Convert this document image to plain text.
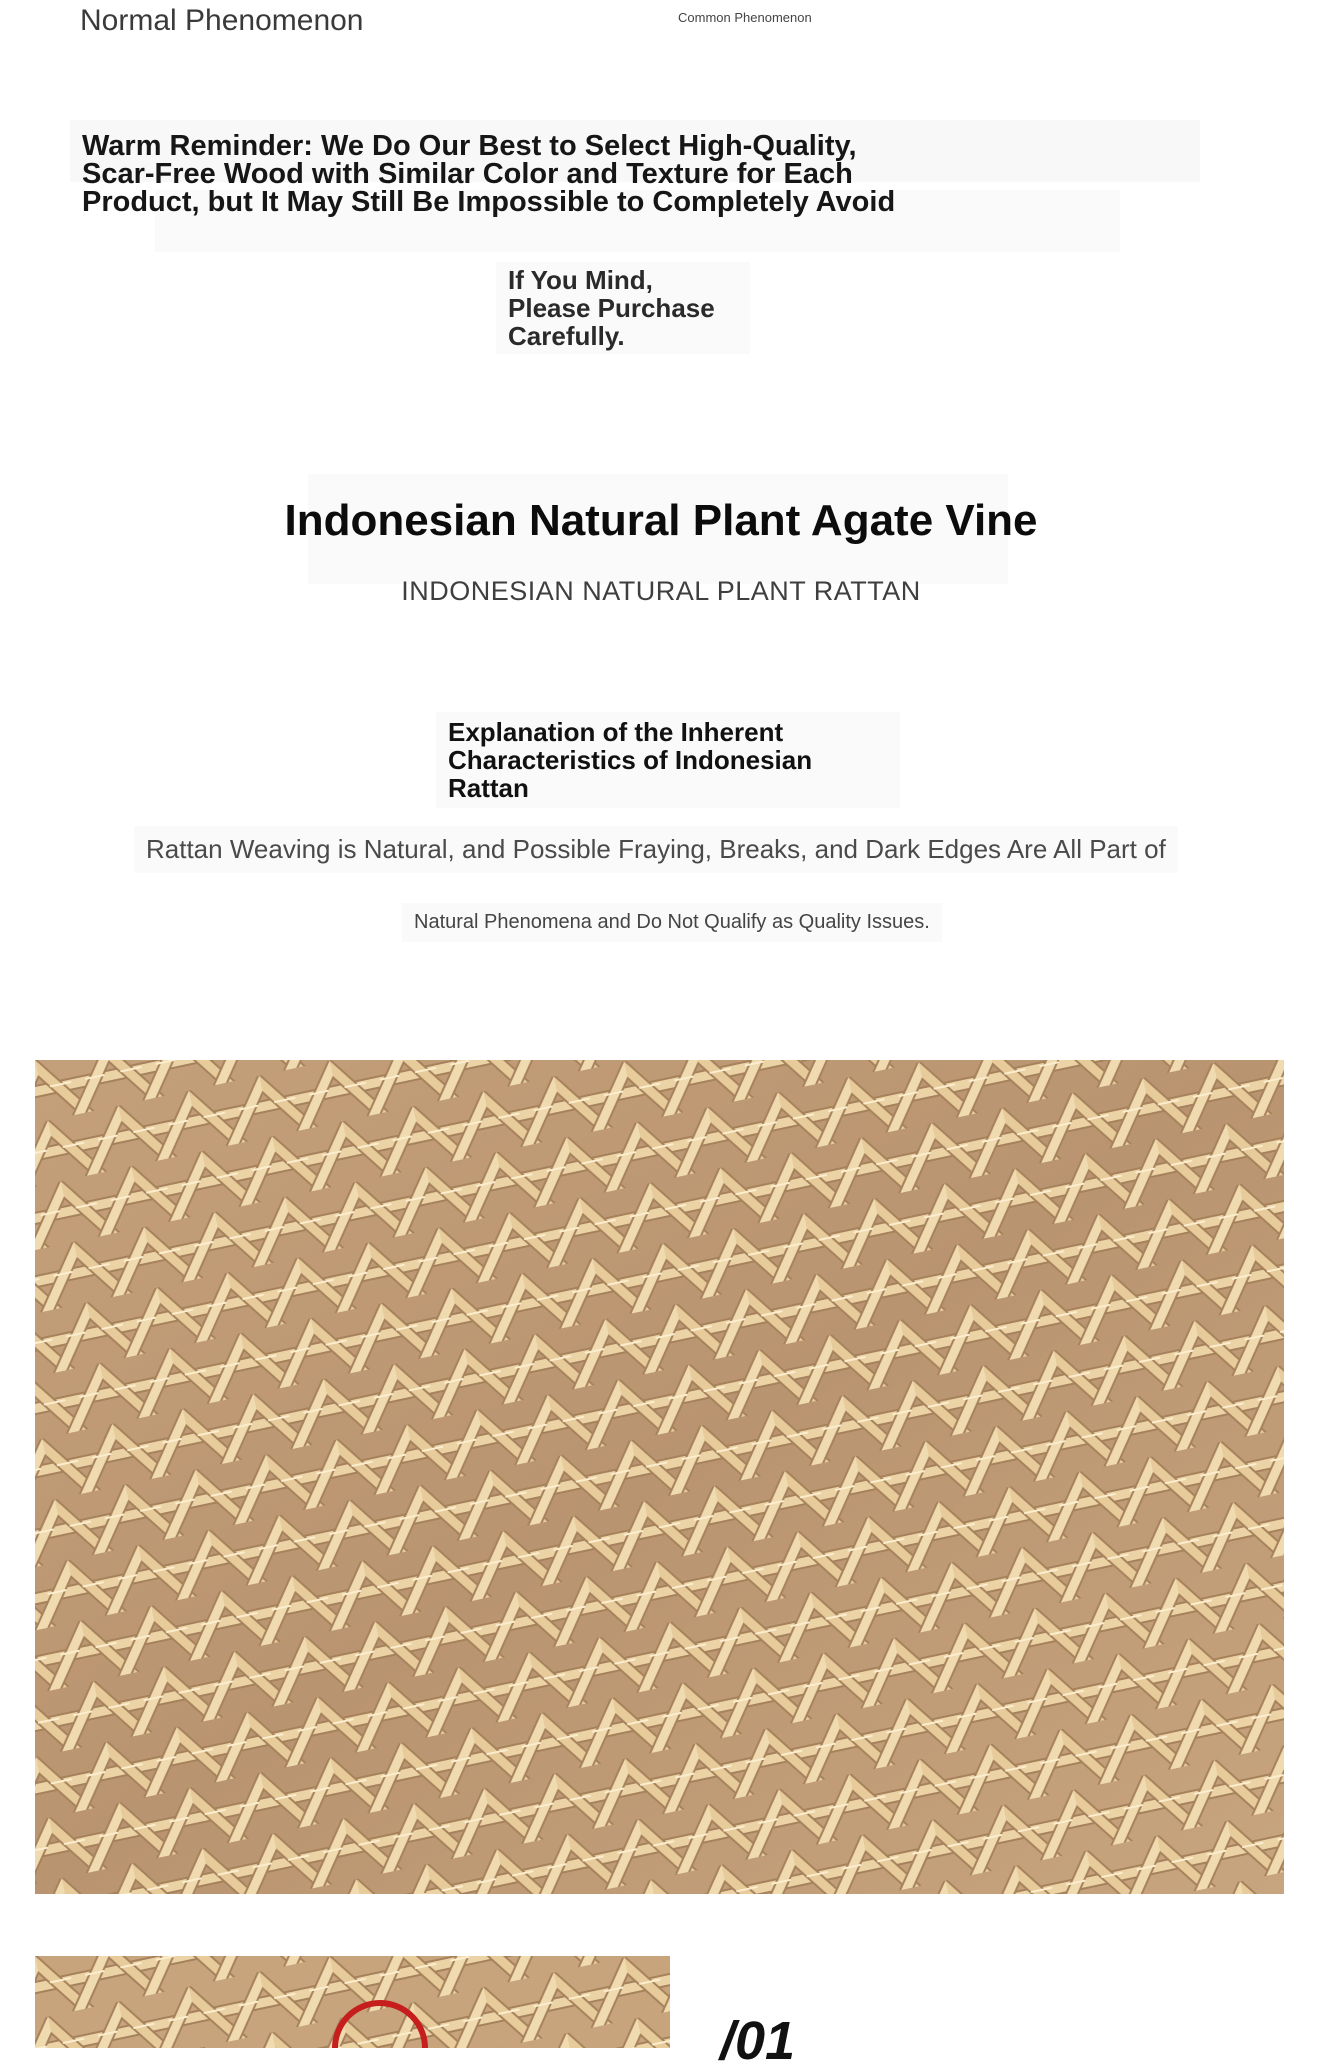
Normal Phenomenon	Common Phenomenon
Warm Reminder: We Do Our Best to Select High-Quality, Scar-Free Wood with Similar Color and Texture for Each Product, but It May Still Be Impossible to Completely Avoid
If You Mind, Please Purchase Carefully.
Indonesian Natural Plant Agate Vine
INDONESIAN NATURAL PLANT RATTAN
Explanation of the Inherent Characteristics of Indonesian Rattan
Rattan Weaving is Natural, and Possible Fraying, Breaks, and Dark Edges Are All Part of
Natural Phenomena and Do Not Qualify as Quality Issues.
/01
